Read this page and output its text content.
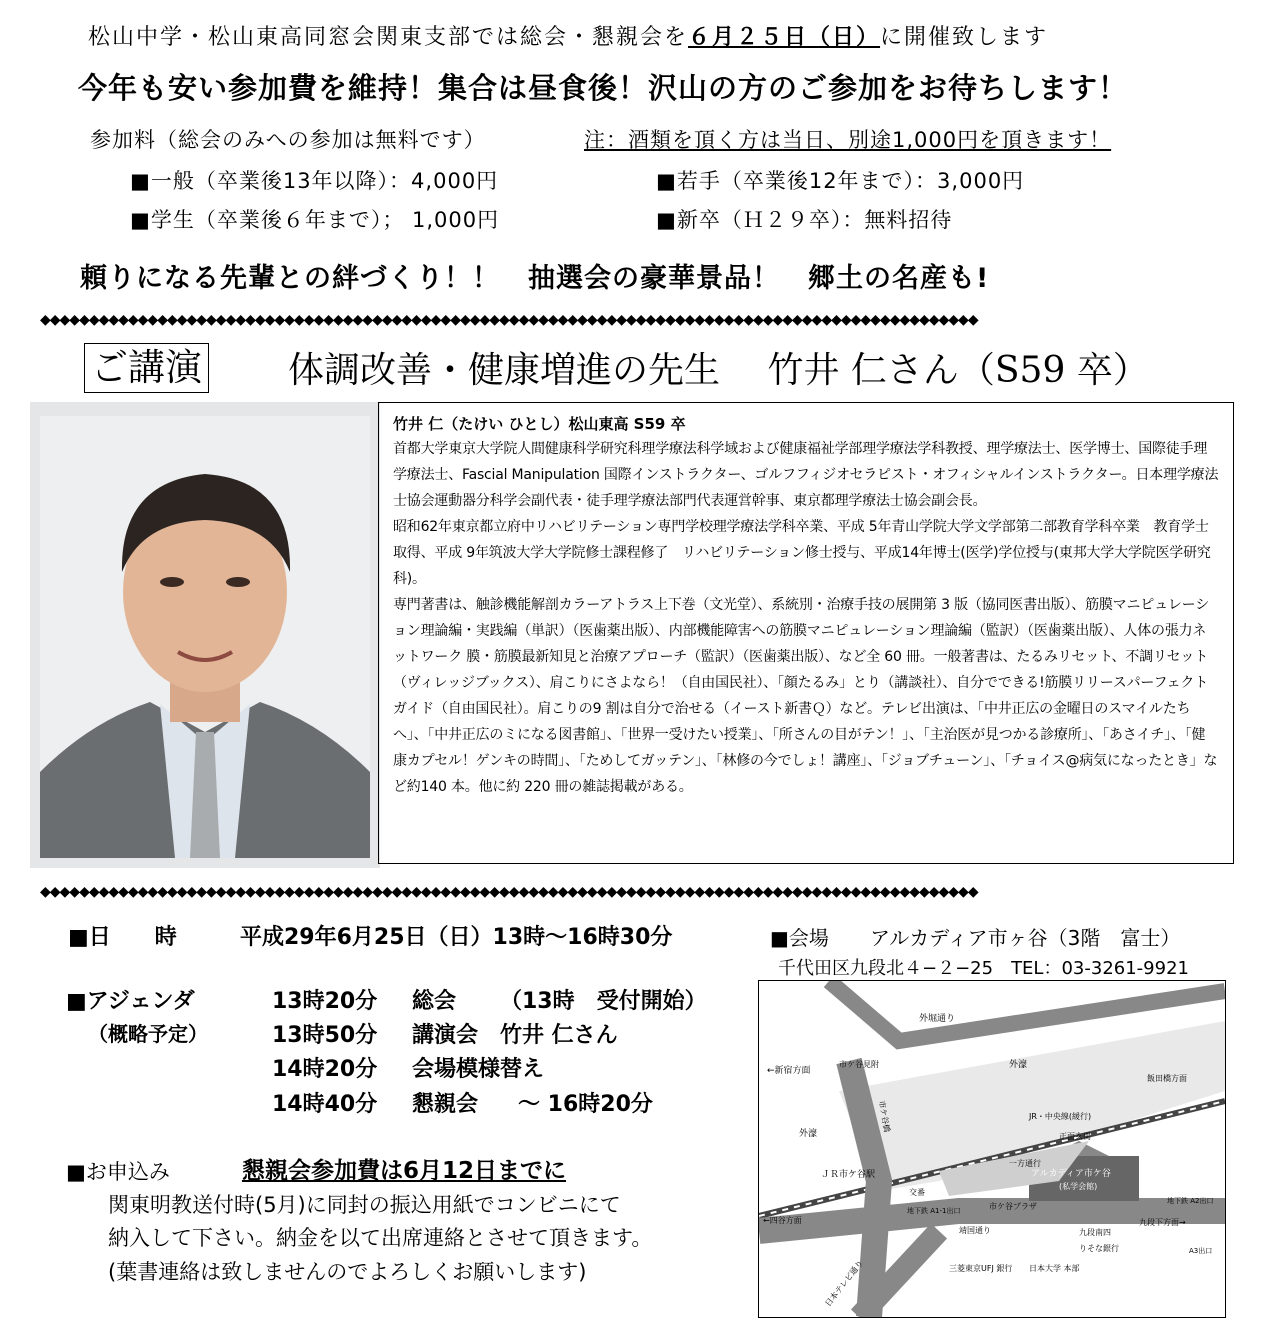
松山中学・松山東高同窓会関東支部では総会・懇親会を６月２５日（日）に開催致します
今年も安い参加費を維持！集合は昼食後！沢山の方のご参加をお待ちします！
参加料（総会のみへの参加は無料です）	注：酒類を頂く方は当日、別途1,000円を頂きます！
■一般（卒業後13年以降）：4,000円	■若手（卒業後12年まで）：3,000円
■学生（卒業後６年まで）； 1,000円	■新卒（Ｈ２９卒）：無料招待
頼りになる先輩との絆づくり！！　抽選会の豪華景品！　郷土の名産も!
◆◆◆◆◆◆◆◆◆◆◆◆◆◆◆◆◆◆◆◆◆◆◆◆◆◆◆◆◆◆◆◆◆◆◆◆◆◆◆◆◆◆◆◆◆◆◆◆◆◆◆◆◆◆◆◆◆◆◆◆◆◆◆◆◆◆◆◆◆◆◆◆◆◆◆◆◆◆◆◆◆◆◆◆◆◆◆◆◆◆◆◆◆◆◆◆
ご講演 体調改善・健康増進の先生　 竹井 仁さん（S59 卒）
竹井 仁（たけい ひとし）松山東高 S59 卒

首都大学東京大学院人間健康科学研究科理学療法科学域および健康福祉学部理学療法学科教授、理学療法士、医学博士、国際徒手理学療法士、Fascial Manipulation 国際インストラクター、ゴルフフィジオセラピスト・オフィシャルインストラクター。日本理学療法士協会運動器分科学会副代表・徒手理学療法部門代表運営幹事、東京都理学療法士協会副会長。

昭和62年東京都立府中リハビリテーション専門学校理学療法学科卒業、平成 5年青山学院大学文学部第二部教育学科卒業　教育学士取得、平成 9年筑波大学大学院修士課程修了　リハビリテーション修士授与、平成14年博士(医学)学位授与(東邦大学大学院医学研究科)。

専門著書は、触診機能解剖カラーアトラス上下巻（文光堂）、系統別・治療手技の展開第 3 版（協同医書出版）、筋膜マニピュレーション理論編・実践編（単訳）（医歯薬出版）、内部機能障害への筋膜マニピュレーション理論編（監訳）（医歯薬出版）、人体の張力ネットワーク 膜・筋膜最新知見と治療アプローチ（監訳）（医歯薬出版）、など全 60 冊。一般著書は、たるみリセット、不調リセット（ヴィレッジブックス）、肩こりにさよなら！（自由国民社）、「顔たるみ」とり（講談社）、自分でできる!筋膜リリースパーフェクトガイド（自由国民社）。肩こりの9 割は自分で治せる（イースト新書Ｑ）など。テレビ出演は、「中井正広の金曜日のスマイルたちへ」、「中井正広のミになる図書館」、「世界一受けたい授業」、「所さんの目がテン！」、「主治医が見つかる診療所」、「あさイチ」、「健康カプセル！ゲンキの時間」、「ためしてガッテン」、「林修の今でしょ！講座」、「ジョブチューン」、「チョイス@病気になったとき」など約140 本。他に約 220 冊の雑誌掲載がある。

◆◆◆◆◆◆◆◆◆◆◆◆◆◆◆◆◆◆◆◆◆◆◆◆◆◆◆◆◆◆◆◆◆◆◆◆◆◆◆◆◆◆◆◆◆◆◆◆◆◆◆◆◆◆◆◆◆◆◆◆◆◆◆◆◆◆◆◆◆◆◆◆◆◆◆◆◆◆◆◆◆◆◆◆◆◆◆◆◆◆◆◆◆◆◆◆
■日　　時	平成29年6月25日（日）13時～16時30分	■会場 アルカディア市ヶ谷（3階　富士）
千代田区九段北４−２−25　TEL：03-3261-9921
■アジェンダ
（概略予定）
13時20分 総会 （13時　受付開始）
13時50分 講演会　竹井 仁さん
14時20分 会場模様替え
14時40分 懇親会 ～ 16時20分
■お申込み	懇親会参加費は6月12日までに
関東明教送付時(5月)に同封の振込用紙でコンビニにて
納入して下さい。納金を以て出席連絡とさせて頂きます。
(葉書連絡は致しませんのでよろしくお願いします)
外堀通り
外濠
外濠
←新宿方面
市ケ谷見附
飯田橋方面
JR・中央線(緩行)
正面玄関
一方通行
アルカディア市ケ谷
(私学会館)
ＪＲ市ケ谷駅
交番
地下鉄 A1-1出口	市ケ谷プラザ
←四谷方面
靖国通り	九段南四
九段下方面→
地下鉄 A2出口
A3出口
三菱東京UFJ 銀行 日本大学 本部
りそな銀行
日本テレビ通り
市ケ谷橋
